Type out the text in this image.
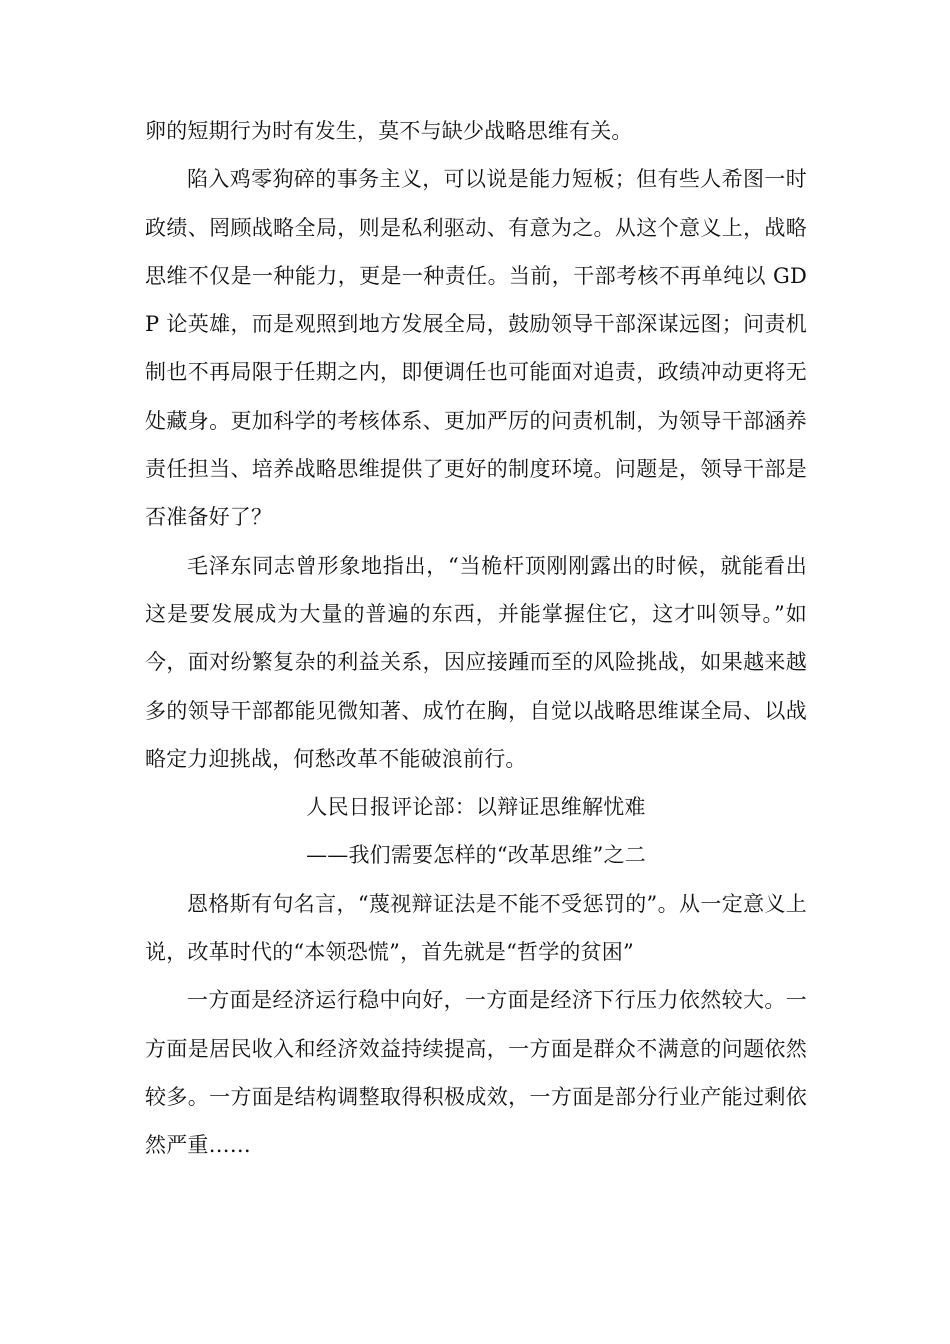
卵的短期行为时有发生，莫不与缺少战略思维有关。

陷入鸡零狗碎的事务主义，可以说是能力短板；但有些人希图一时政绩、罔顾战略全局，则是私利驱动、有意为之。从这个意义上，战略思维不仅是一种能力，更是一种责任。当前，干部考核不再单纯以 GDP 论英雄，而是观照到地方发展全局，鼓励领导干部深谋远图；问责机制也不再局限于任期之内，即便调任也可能面对追责，政绩冲动更将无处藏身。更加科学的考核体系、更加严厉的问责机制，为领导干部涵养责任担当、培养战略思维提供了更好的制度环境。问题是，领导干部是否准备好了？

毛泽东同志曾形象地指出，“当桅杆顶刚刚露出的时候，就能看出这是要发展成为大量的普遍的东西，并能掌握住它，这才叫领导。”如今，面对纷繁复杂的利益关系，因应接踵而至的风险挑战，如果越来越多的领导干部都能见微知著、成竹在胸，自觉以战略思维谋全局、以战略定力迎挑战，何愁改革不能破浪前行。

人民日报评论部：以辩证思维解忧难

——我们需要怎样的“改革思维”之二

恩格斯有句名言，“蔑视辩证法是不能不受惩罚的”。从一定意义上说，改革时代的“本领恐慌”，首先就是“哲学的贫困”

一方面是经济运行稳中向好，一方面是经济下行压力依然较大。一方面是居民收入和经济效益持续提高，一方面是群众不满意的问题依然较多。一方面是结构调整取得积极成效，一方面是部分行业产能过剩依然严重……
